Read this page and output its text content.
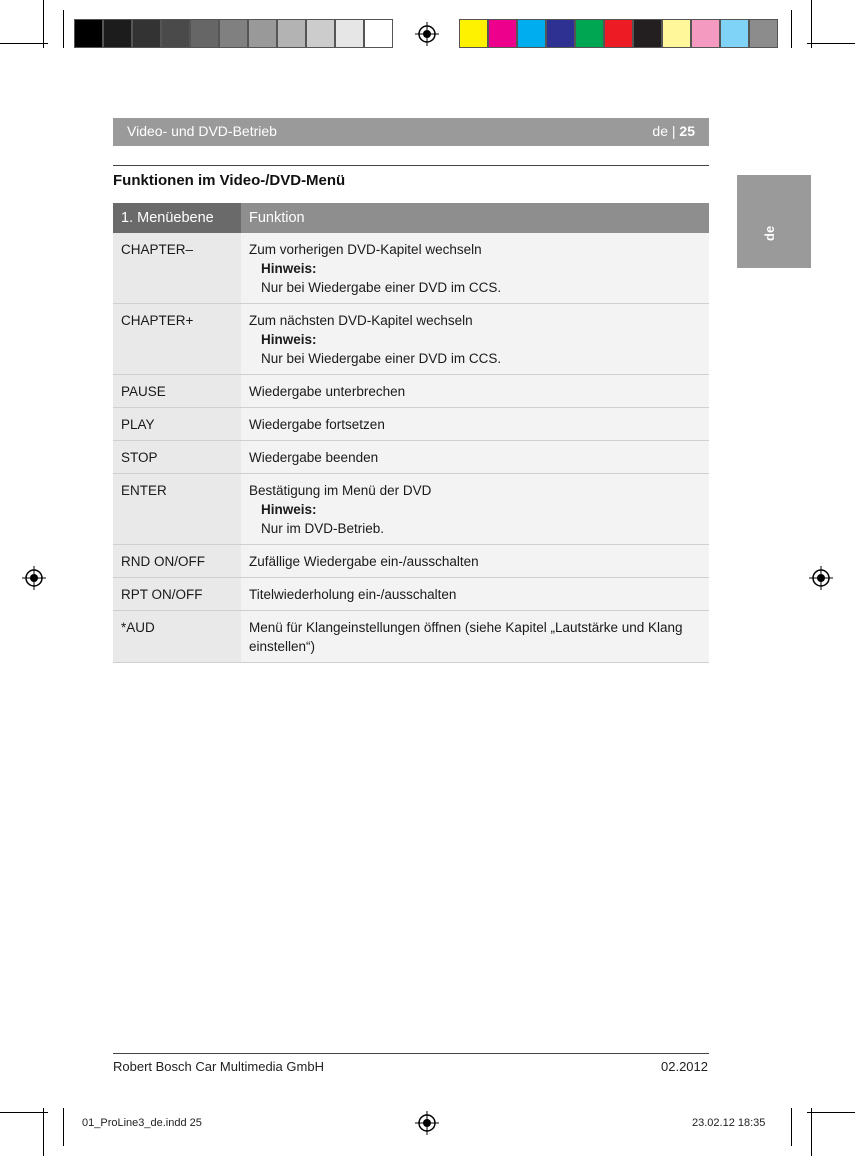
Video- und DVD-Betrieb	de | 25
de
Funktionen im Video-/DVD-Menü
1. Menüebene	Funktion
CHAPTER–	Zum vorherigen DVD-Kapitel wechseln
Hinweis:
Nur bei Wiedergabe einer DVD im CCS.

CHAPTER+	Zum nächsten DVD-Kapitel wechseln
Hinweis:
Nur bei Wiedergabe einer DVD im CCS.

PAUSE	Wiedergabe unterbrechen
PLAY	Wiedergabe fortsetzen
STOP	Wiedergabe beenden
ENTER	Bestätigung im Menü der DVD
Hinweis:
Nur im DVD-Betrieb.

RND ON/OFF	Zufällige Wiedergabe ein-/ausschalten
RPT ON/OFF	Titelwiederholung ein-/ausschalten
*AUD	Menü für Klangeinstellungen öffnen (siehe Kapitel „Lautstärke und Klang einstellen“)
Robert Bosch Car Multimedia GmbH	02.2012
01_ProLine3_de.indd 25	23.02.12 18:35
